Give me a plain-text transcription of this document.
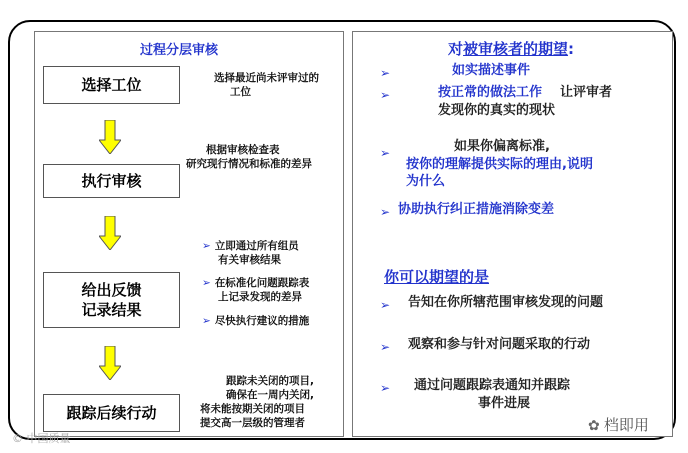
过程分层审核
选择工位
执行审核
给出反馈
记录结果
跟踪后续行动
选择最近尚未评审过的
工位
根据审核检查表
研究现行情况和标准的差异
➢ 立即通过所有组员
有关审核结果
➢ 在标准化问题跟踪表
上记录发现的差异
➢ 尽快执行建议的措施
跟踪未关闭的项目,
确保在一周内关闭,
将未能按期关闭的项目
提交高一层级的管理者
对被审核者的期望:
➢	如实描述事件
➢	按正常的做法工作 让评审者
发现你的真实的现状
➢	如果你偏离标准,
按你的理解提供实际的理由,说明
为什么
➢ 协助执行纠正措施消除变差
你可以期望的是
➢ 告知在你所辖范围审核发现的问题
➢ 观察和参与针对问题采取的行动
➢ 通过问题跟踪表通知并跟踪
事件进展
© 中国质量
✿ 档即用
